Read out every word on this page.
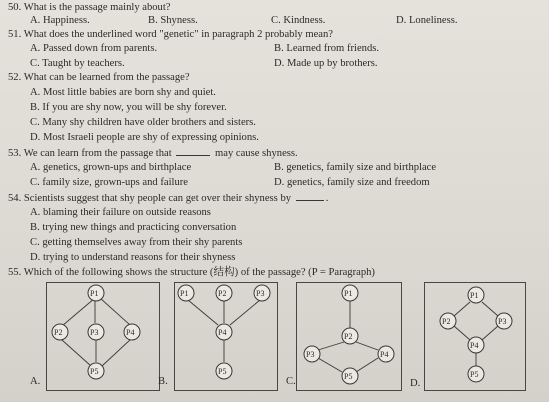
50. What is the passage mainly about?
A. Happiness.	B. Shyness.	C. Kindness.	D. Loneliness.
51. What does the underlined word "genetic" in paragraph 2 probably mean?
A. Passed down from parents.	B. Learned from friends.
C. Taught by teachers.	D. Made up by brothers.
52. What can be learned from the passage?
A. Most little babies are born shy and quiet.
B. If you are shy now, you will be shy forever.
C. Many shy children have older brothers and sisters.
D. Most Israeli people are shy of expressing opinions.
53. We can learn from the passage that	may cause shyness.
A. genetics, grown-ups and birthplace	B. genetics, family size and birthplace
C. family size, grown-ups and failure	D. genetics, family size and freedom
54. Scientists suggest that shy people can get over their shyness by	.
A. blaming their failure on outside reasons
B. trying new things and practicing conversation
C. getting themselves away from their shy parents
D. trying to understand reasons for their shyness
55. Which of the following shows the structure (结构) of the passage? (P = Paragraph)
P1
P2	P3	P4
P5
A.
P1	P2	P3
P4
P5
B.
P1
P2
P3	P4
P5
C.
P1
P2	P3
P4
P5
D.
